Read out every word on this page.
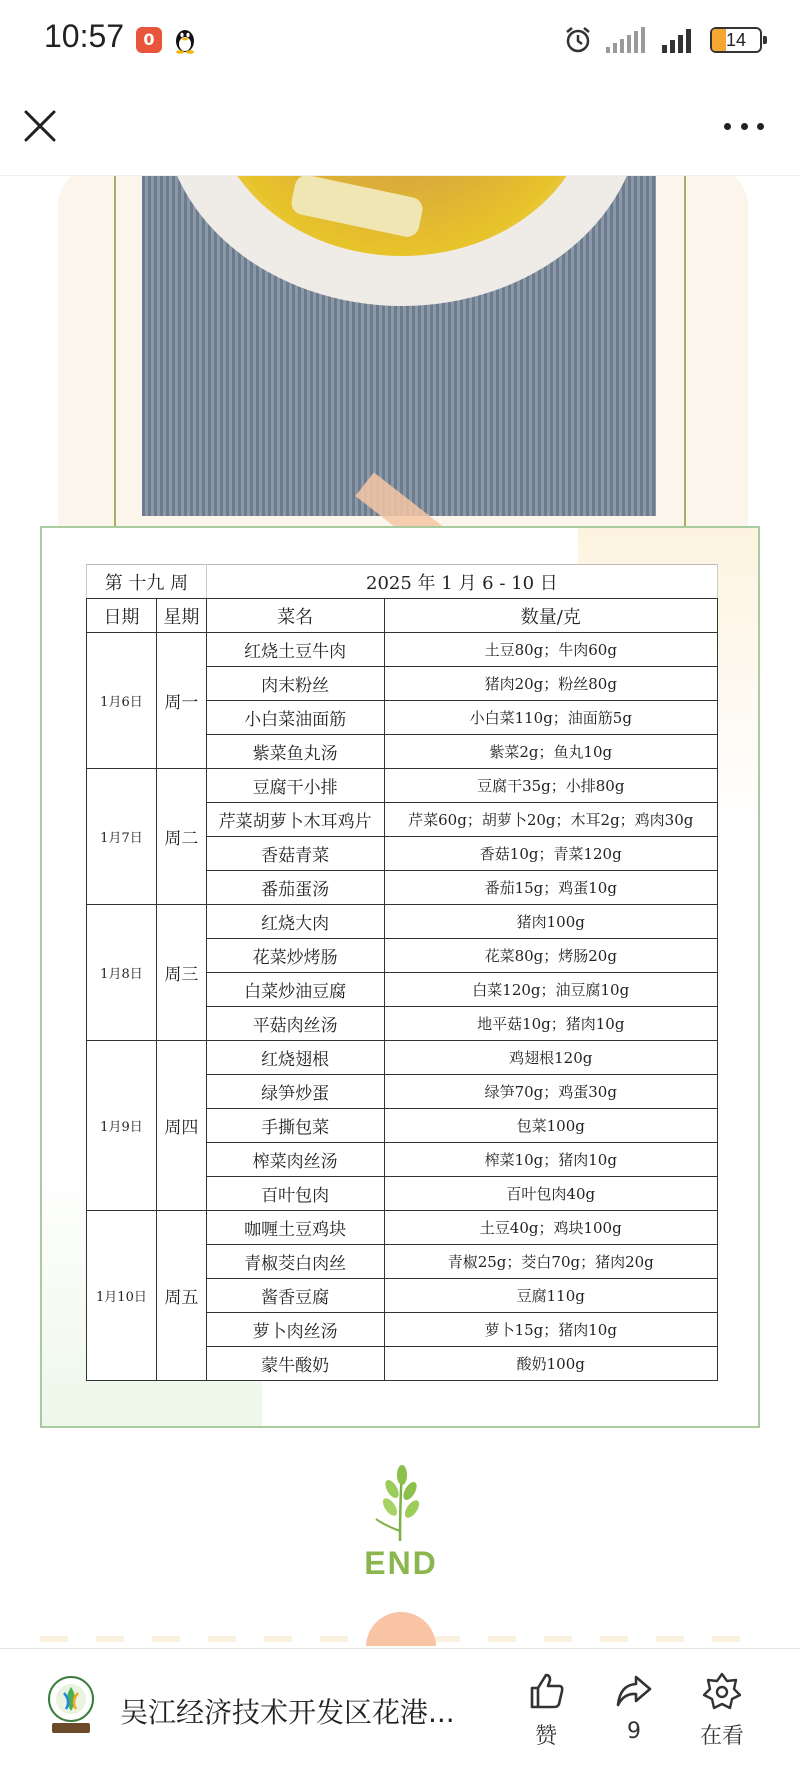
10:57	0	14
第 十九 周		2025 年 1 月 6 - 10 日	
日期	星期	菜名	数量/克
1月6日	周一	红烧土豆牛肉	土豆80g；牛肉60g
		肉末粉丝	猪肉20g；粉丝80g
		小白菜油面筋	小白菜110g；油面筋5g
		紫菜鱼丸汤	紫菜2g；鱼丸10g
1月7日	周二	豆腐干小排	豆腐干35g；小排80g
		芹菜胡萝卜木耳鸡片	芹菜60g；胡萝卜20g；木耳2g；鸡肉30g
		香菇青菜	香菇10g；青菜120g
		番茄蛋汤	番茄15g；鸡蛋10g
1月8日	周三	红烧大肉	猪肉100g
		花菜炒烤肠	花菜80g；烤肠20g
		白菜炒油豆腐	白菜120g；油豆腐10g
		平菇肉丝汤	地平菇10g；猪肉10g
1月9日	周四	红烧翅根	鸡翅根120g
		绿笋炒蛋	绿笋70g；鸡蛋30g
		手撕包菜	包菜100g
		榨菜肉丝汤	榨菜10g；猪肉10g
		百叶包肉	百叶包肉40g
1月10日	周五	咖喱土豆鸡块	土豆40g；鸡块100g
		青椒茭白肉丝	青椒25g；茭白70g；猪肉20g
		酱香豆腐	豆腐110g
		萝卜肉丝汤	萝卜15g；猪肉10g
		蒙牛酸奶	酸奶100g
END
吴江经济技术开发区花港...
赞	9	在看
